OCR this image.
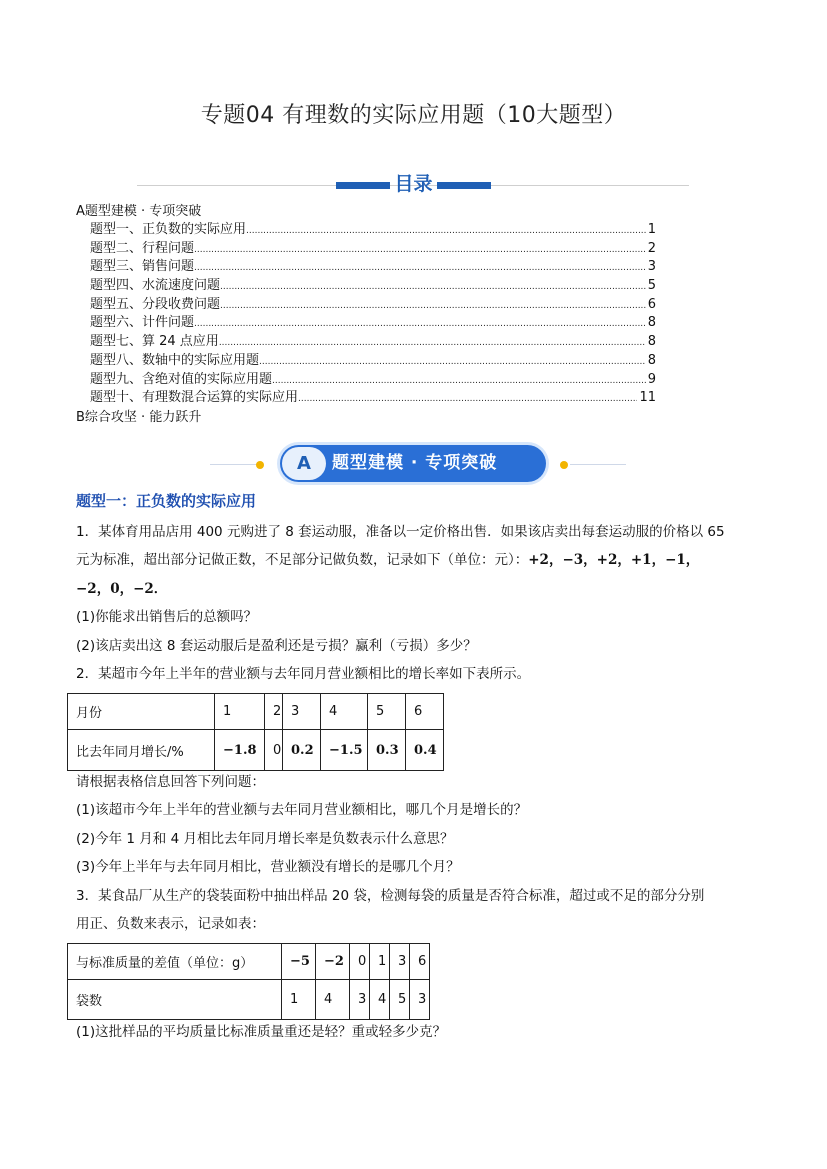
专题04 有理数的实际应用题（10大题型）
目录
A题型建模 · 专项突破
题型一、正负数的实际应用 .....	1
题型二、行程问题 .....	2
题型三、销售问题 .....	3
题型四、水流速度问题 .....	5
题型五、分段收费问题 .....	6
题型六、计件问题 .....	8
题型七、算 24 点应用 .....	8
题型八、数轴中的实际应用题 .....	8
题型九、含绝对值的实际应用题 .....	9
题型十、有理数混合运算的实际应用 .....	11
B综合攻坚 · 能力跃升
A	题型建模 · 专项突破
题型一：正负数的实际应用
1．某体育用品店用 400 元购进了 8 套运动服，准备以一定价格出售．如果该店卖出每套运动服的价格以 65
元为标准，超出部分记做正数，不足部分记做负数，记录如下（单位：元）：+2，−3，+2，+1，−1，
−2，0，−2．
(1)你能求出销售后的总额吗？
(2)该店卖出这 8 套运动服后是盈利还是亏损？赢利（亏损）多少？
2．某超市今年上半年的营业额与去年同月营业额相比的增长率如下表所示。
月份	1	2	3	4	5	6
比去年同月增长/%	−1.8	0	0.2	−1.5	0.3	0.4
请根据表格信息回答下列问题：
(1)该超市今年上半年的营业额与去年同月营业额相比，哪几个月是增长的？
(2)今年 1 月和 4 月相比去年同月增长率是负数表示什么意思？
(3)今年上半年与去年同月相比，营业额没有增长的是哪几个月？
3．某食品厂从生产的袋装面粉中抽出样品 20 袋，检测每袋的质量是否符合标准，超过或不足的部分分别
用正、负数来表示，记录如表：
与标准质量的差值（单位：g）	−5	−2	0	1	3	6
袋数	1	4	3	4	5	3
(1)这批样品的平均质量比标准质量重还是轻？重或轻多少克？
